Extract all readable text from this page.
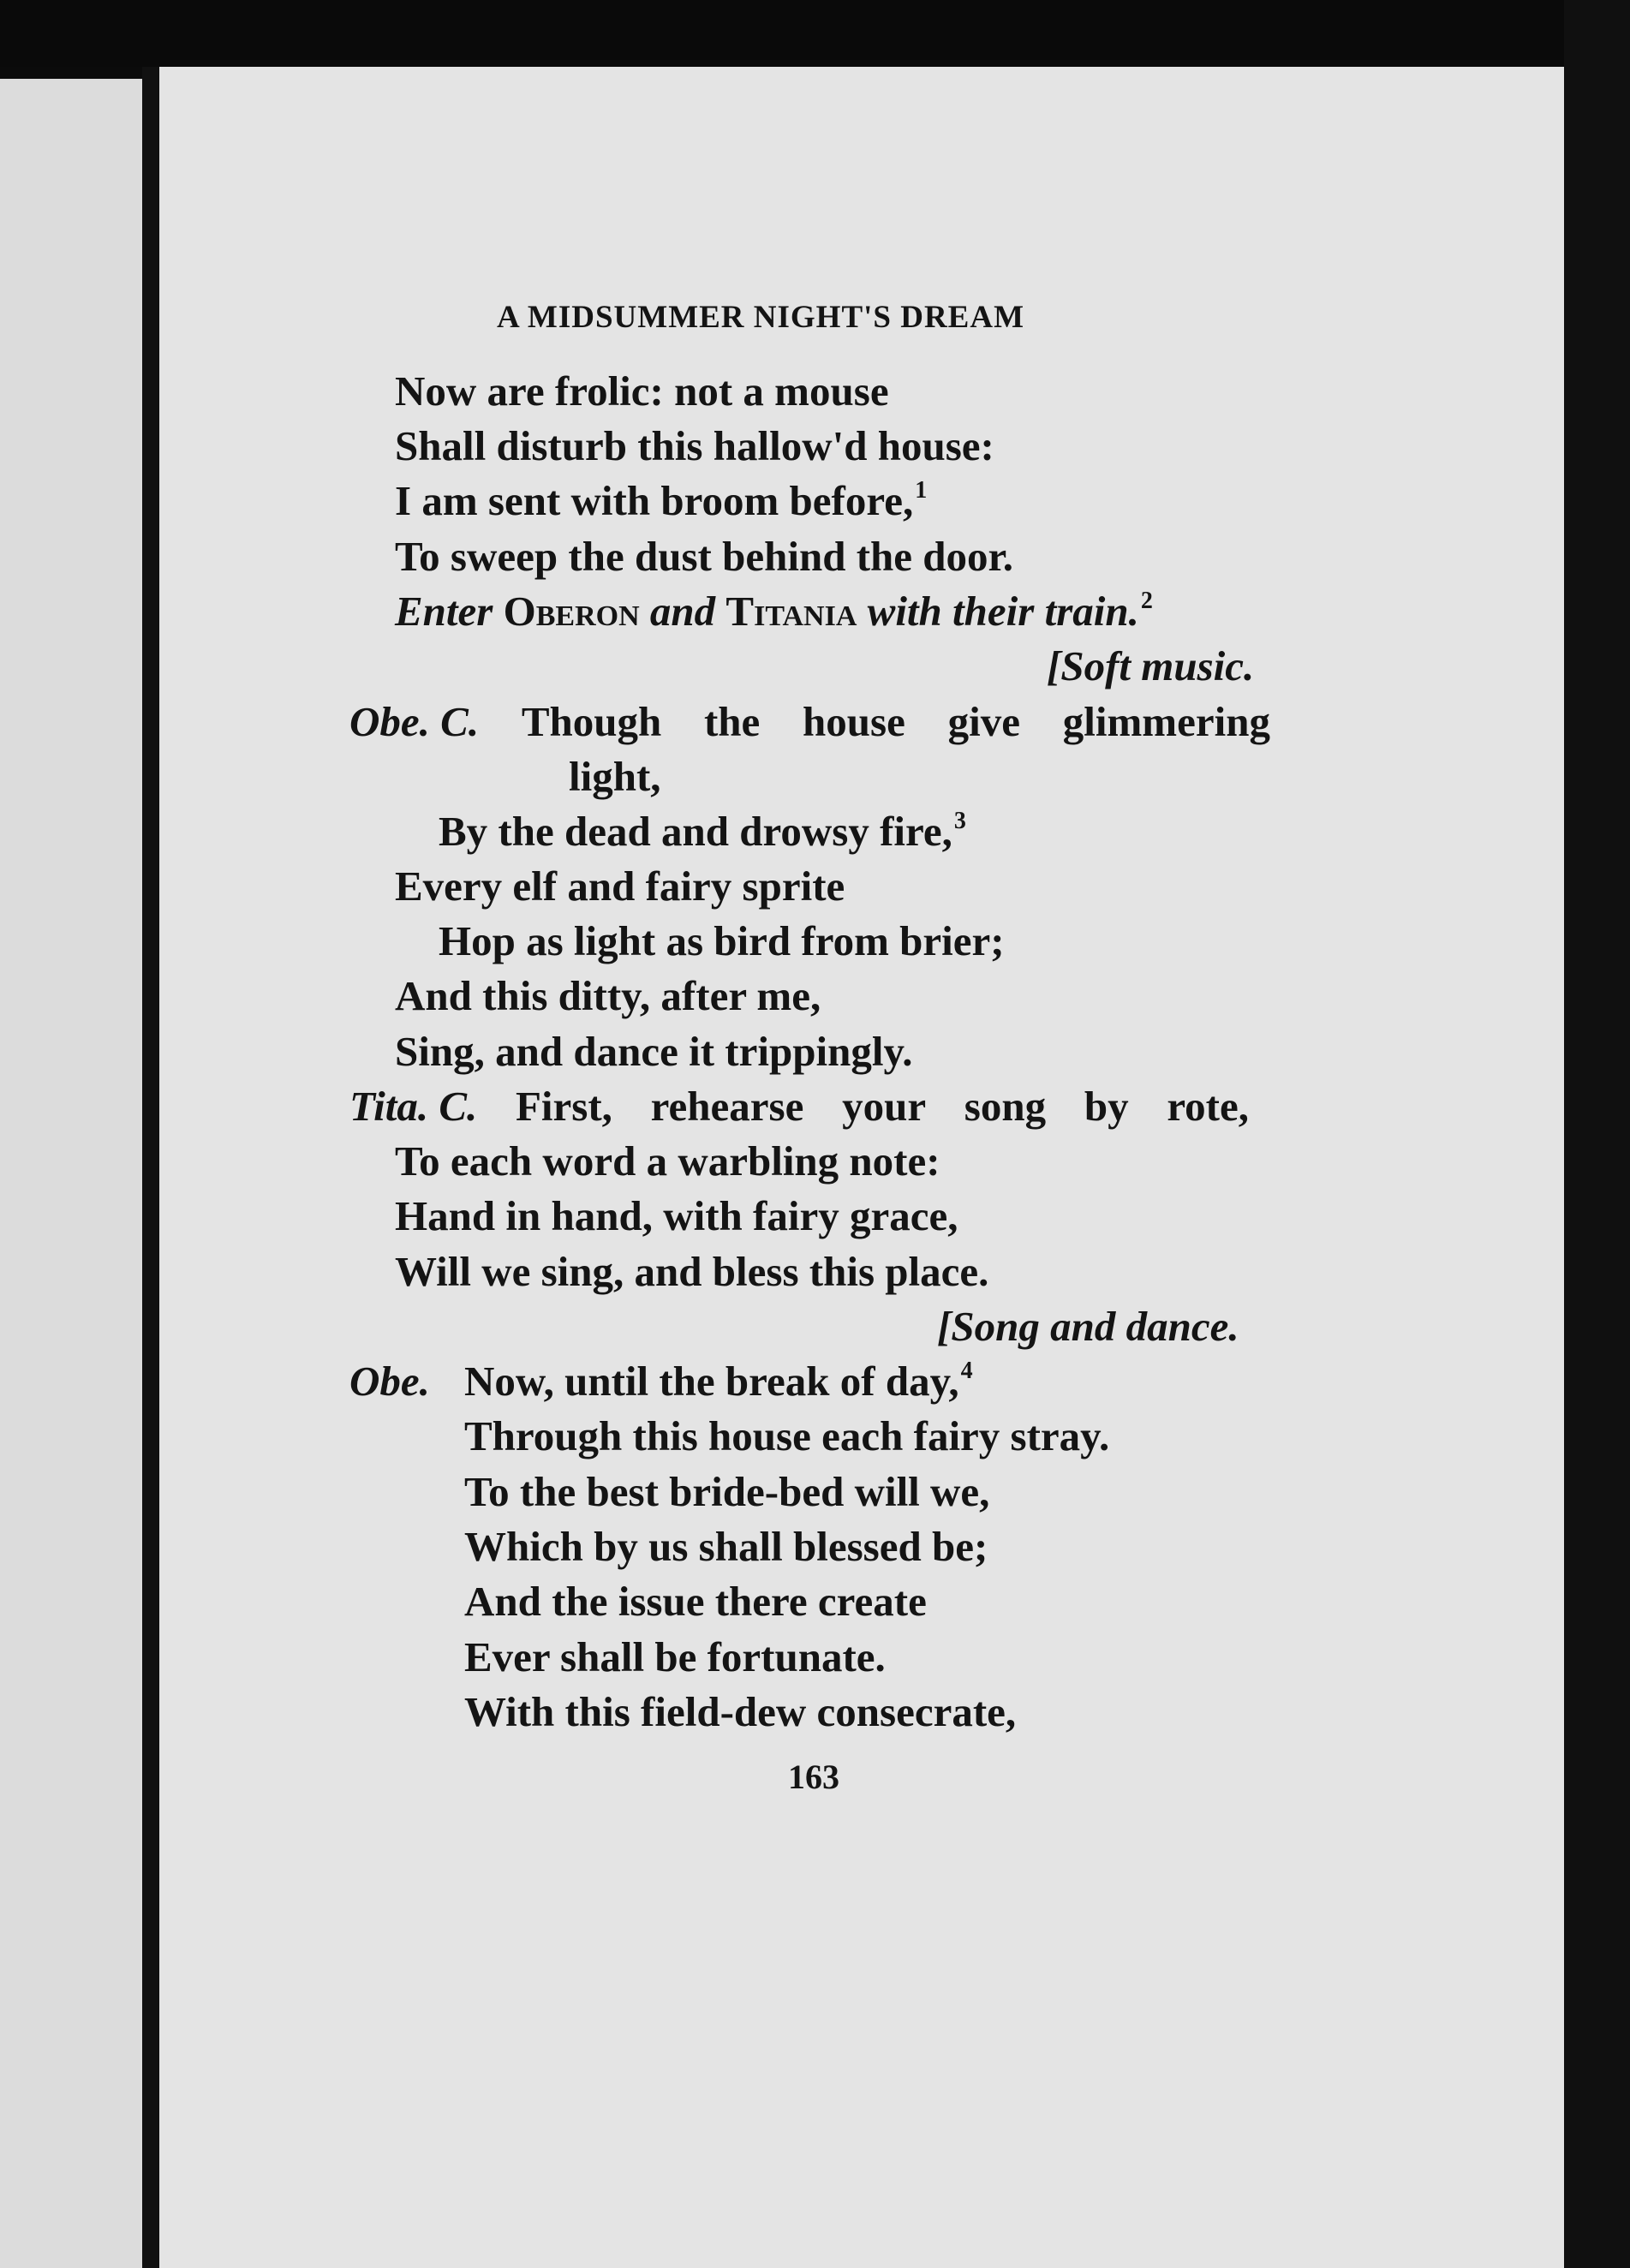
A MIDSUMMER NIGHT'S DREAM
Now are frolic: not a mouse
Shall disturb this hallow'd house:
I am sent with broom before,$^1$
To sweep the dust behind the door.
Enter Oberon and Titania with their train.$^2$
[Soft music.
Obe. C. Though the house give glimmering
light,
By the dead and drowsy fire,$^3$
Every elf and fairy sprite
Hop as light as bird from brier;
And this ditty, after me,
Sing, and dance it trippingly.
Tita. C. First, rehearse your song by rote,
To each word a warbling note:
Hand in hand, with fairy grace,
Will we sing, and bless this place.
[Song and dance.
Obe. Now, until the break of day,$^4$
Through this house each fairy stray.
To the best bride-bed will we,
Which by us shall blessed be;
And the issue there create
Ever shall be fortunate.
With this field-dew consecrate,
163
